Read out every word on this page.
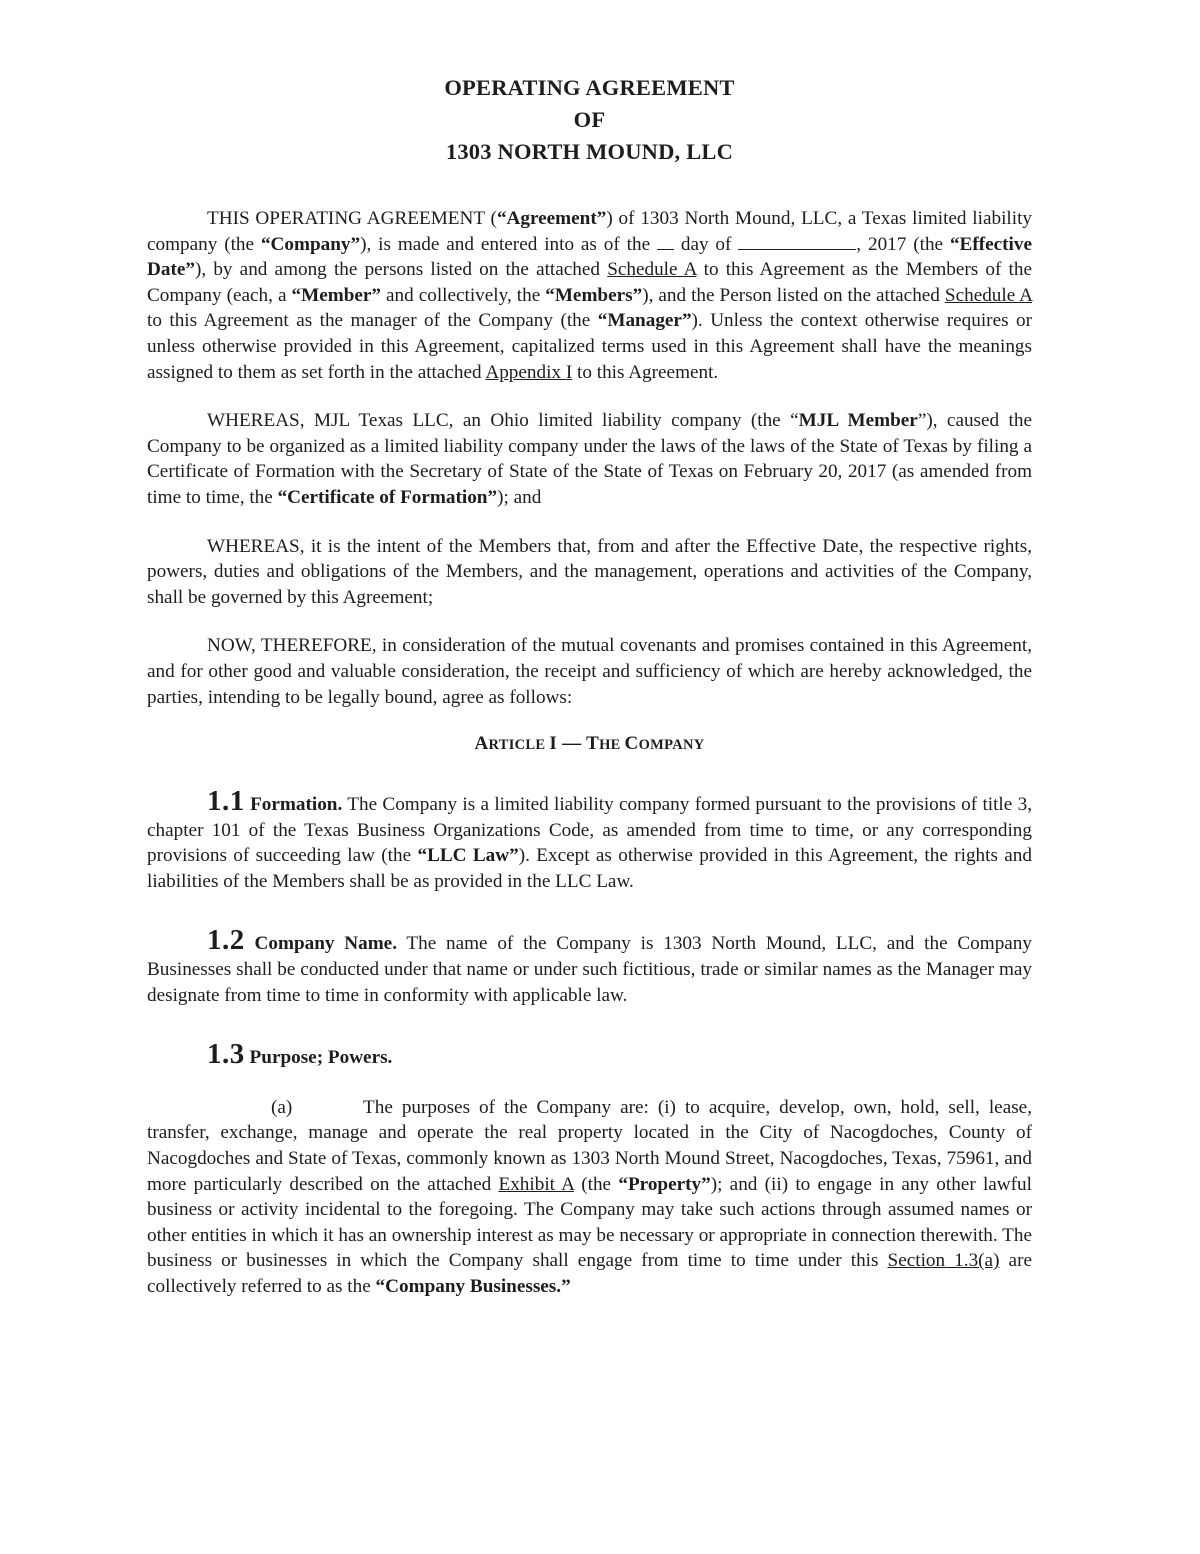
OPERATING AGREEMENT
OF
1303 NORTH MOUND, LLC

THIS OPERATING AGREEMENT (“Agreement”) of 1303 North Mound, LLC, a Texas limited liability company (the “Company”), is made and entered into as of the  day of	, 2017 (the “Effective Date”), by and among the persons listed on the attached Schedule A to this Agreement as the Members of the Company (each, a “Member” and collectively, the “Members”), and the Person listed on the attached Schedule A to this Agreement as the manager of the Company (the “Manager”). Unless the context otherwise requires or unless otherwise provided in this Agreement, capitalized terms used in this Agreement shall have the meanings assigned to them as set forth in the attached Appendix I to this Agreement.

WHEREAS, MJL Texas LLC, an Ohio limited liability company (the “MJL Member”), caused the Company to be organized as a limited liability company under the laws of the laws of the State of Texas by filing a Certificate of Formation with the Secretary of State of the State of Texas on February 20, 2017 (as amended from time to time, the “Certificate of Formation”); and

WHEREAS, it is the intent of the Members that, from and after the Effective Date, the respective rights, powers, duties and obligations of the Members, and the management, operations and activities of the Company, shall be governed by this Agreement;

NOW, THEREFORE, in consideration of the mutual covenants and promises contained in this Agreement, and for other good and valuable consideration, the receipt and sufficiency of which are hereby acknowledged, the parties, intending to be legally bound, agree as follows:

ARTICLE I — THE COMPANY

1.1 Formation. The Company is a limited liability company formed pursuant to the provisions of title 3, chapter 101 of the Texas Business Organizations Code, as amended from time to time, or any corresponding provisions of succeeding law (the “LLC Law”). Except as otherwise provided in this Agreement, the rights and liabilities of the Members shall be as provided in the LLC Law.

1.2 Company Name. The name of the Company is 1303 North Mound, LLC, and the Company Businesses shall be conducted under that name or under such fictitious, trade or similar names as the Manager may designate from time to time in conformity with applicable law.

1.3 Purpose; Powers.

(a)	The purposes of the Company are: (i) to acquire, develop, own, hold, sell, lease, transfer, exchange, manage and operate the real property located in the City of Nacogdoches, County of Nacogdoches and State of Texas, commonly known as 1303 North Mound Street, Nacogdoches, Texas, 75961, and more particularly described on the attached Exhibit A (the “Property”); and (ii) to engage in any other lawful business or activity incidental to the foregoing. The Company may take such actions through assumed names or other entities in which it has an ownership interest as may be necessary or appropriate in connection therewith. The business or businesses in which the Company shall engage from time to time under this Section 1.3(a) are collectively referred to as the “Company Businesses.”
